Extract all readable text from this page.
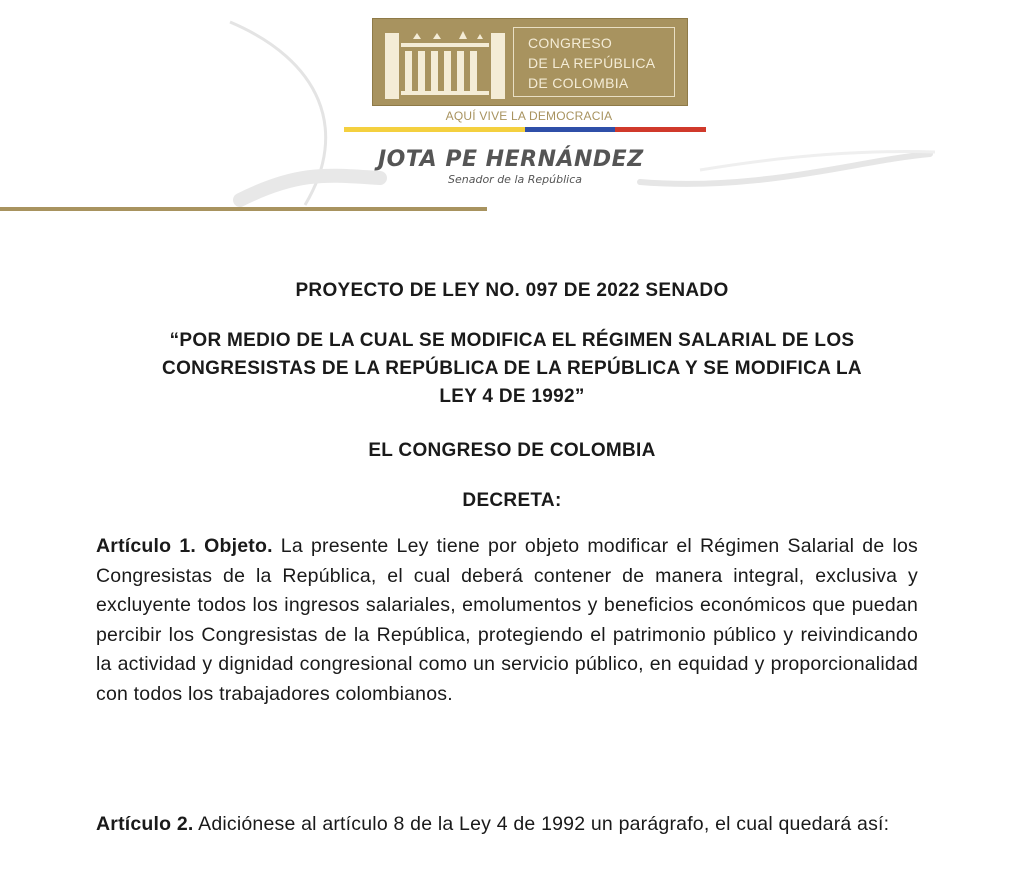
CONGRESO
DE LA REPÚBLICA
DE COLOMBIA
AQUÍ VIVE LA DEMOCRACIA
JOTA PE HERNÁNDEZ
Senador de la República
PROYECTO DE LEY NO. 097 DE 2022 SENADO
“POR MEDIO DE LA CUAL SE MODIFICA EL RÉGIMEN SALARIAL DE LOS
CONGRESISTAS DE LA REPÚBLICA DE LA REPÚBLICA Y SE MODIFICA LA
LEY 4 DE 1992”
EL CONGRESO DE COLOMBIA
DECRETA:
Artículo 1. Objeto. La presente Ley tiene por objeto modificar el Régimen Salarial de los Congresistas de la República, el cual deberá contener de manera integral, exclusiva y excluyente todos los ingresos salariales, emolumentos y beneficios económicos que puedan percibir los Congresistas de la República, protegiendo el patrimonio público y reivindicando la actividad y dignidad congresional como un servicio público, en equidad y proporcionalidad con todos los trabajadores colombianos.
Artículo 2. Adiciónese al artículo 8 de la Ley 4 de 1992 un parágrafo, el cual quedará así:
